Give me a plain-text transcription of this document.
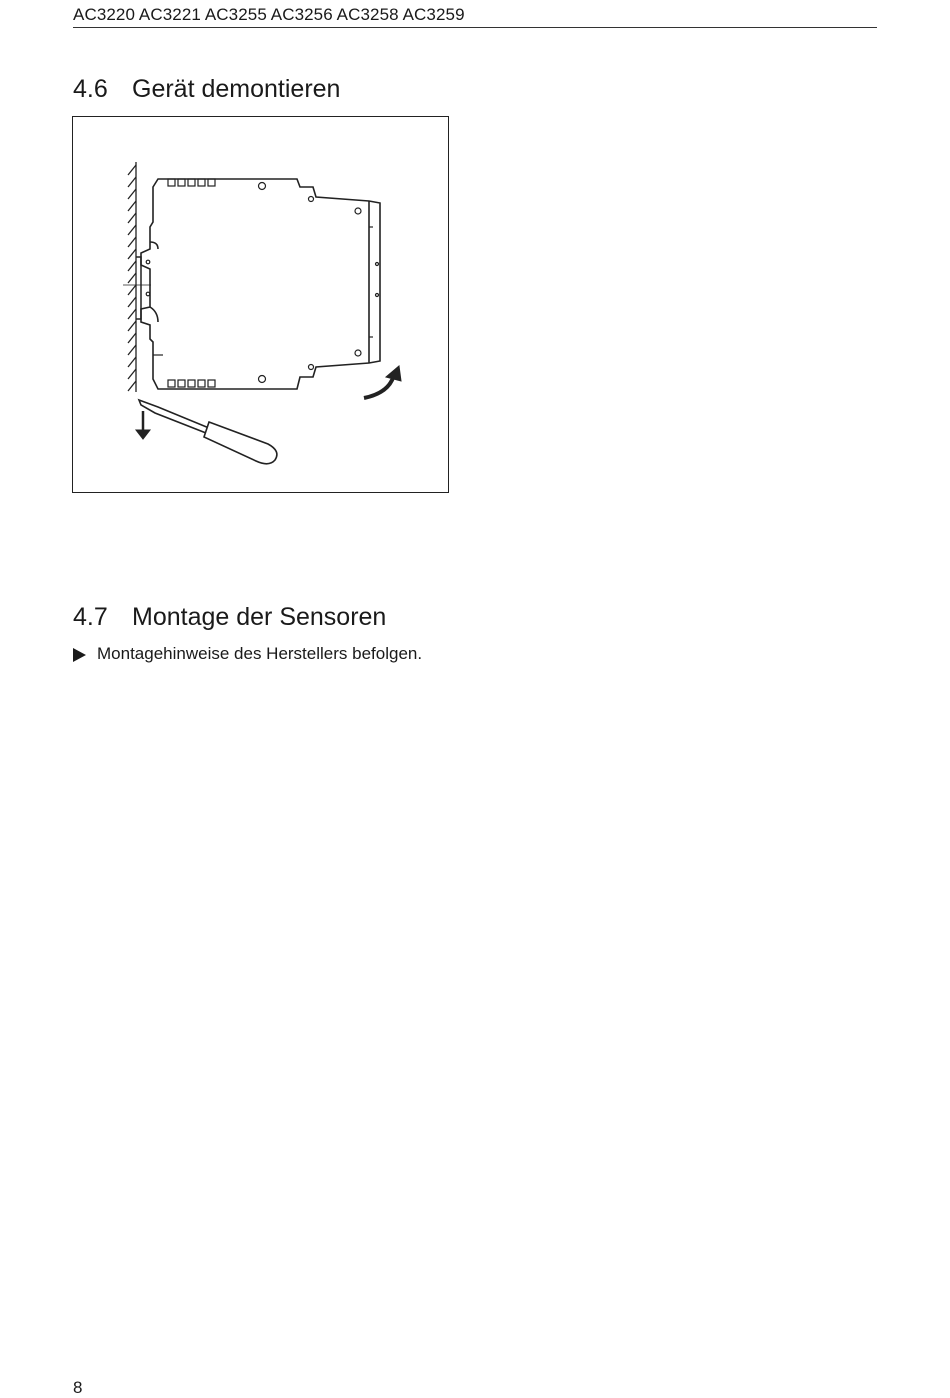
AC3220 AC3221 AC3255 AC3256 AC3258 AC3259
4.6 Gerät demontieren
4.7 Montage der Sensoren
Montagehinweise des Herstellers befolgen.
8
